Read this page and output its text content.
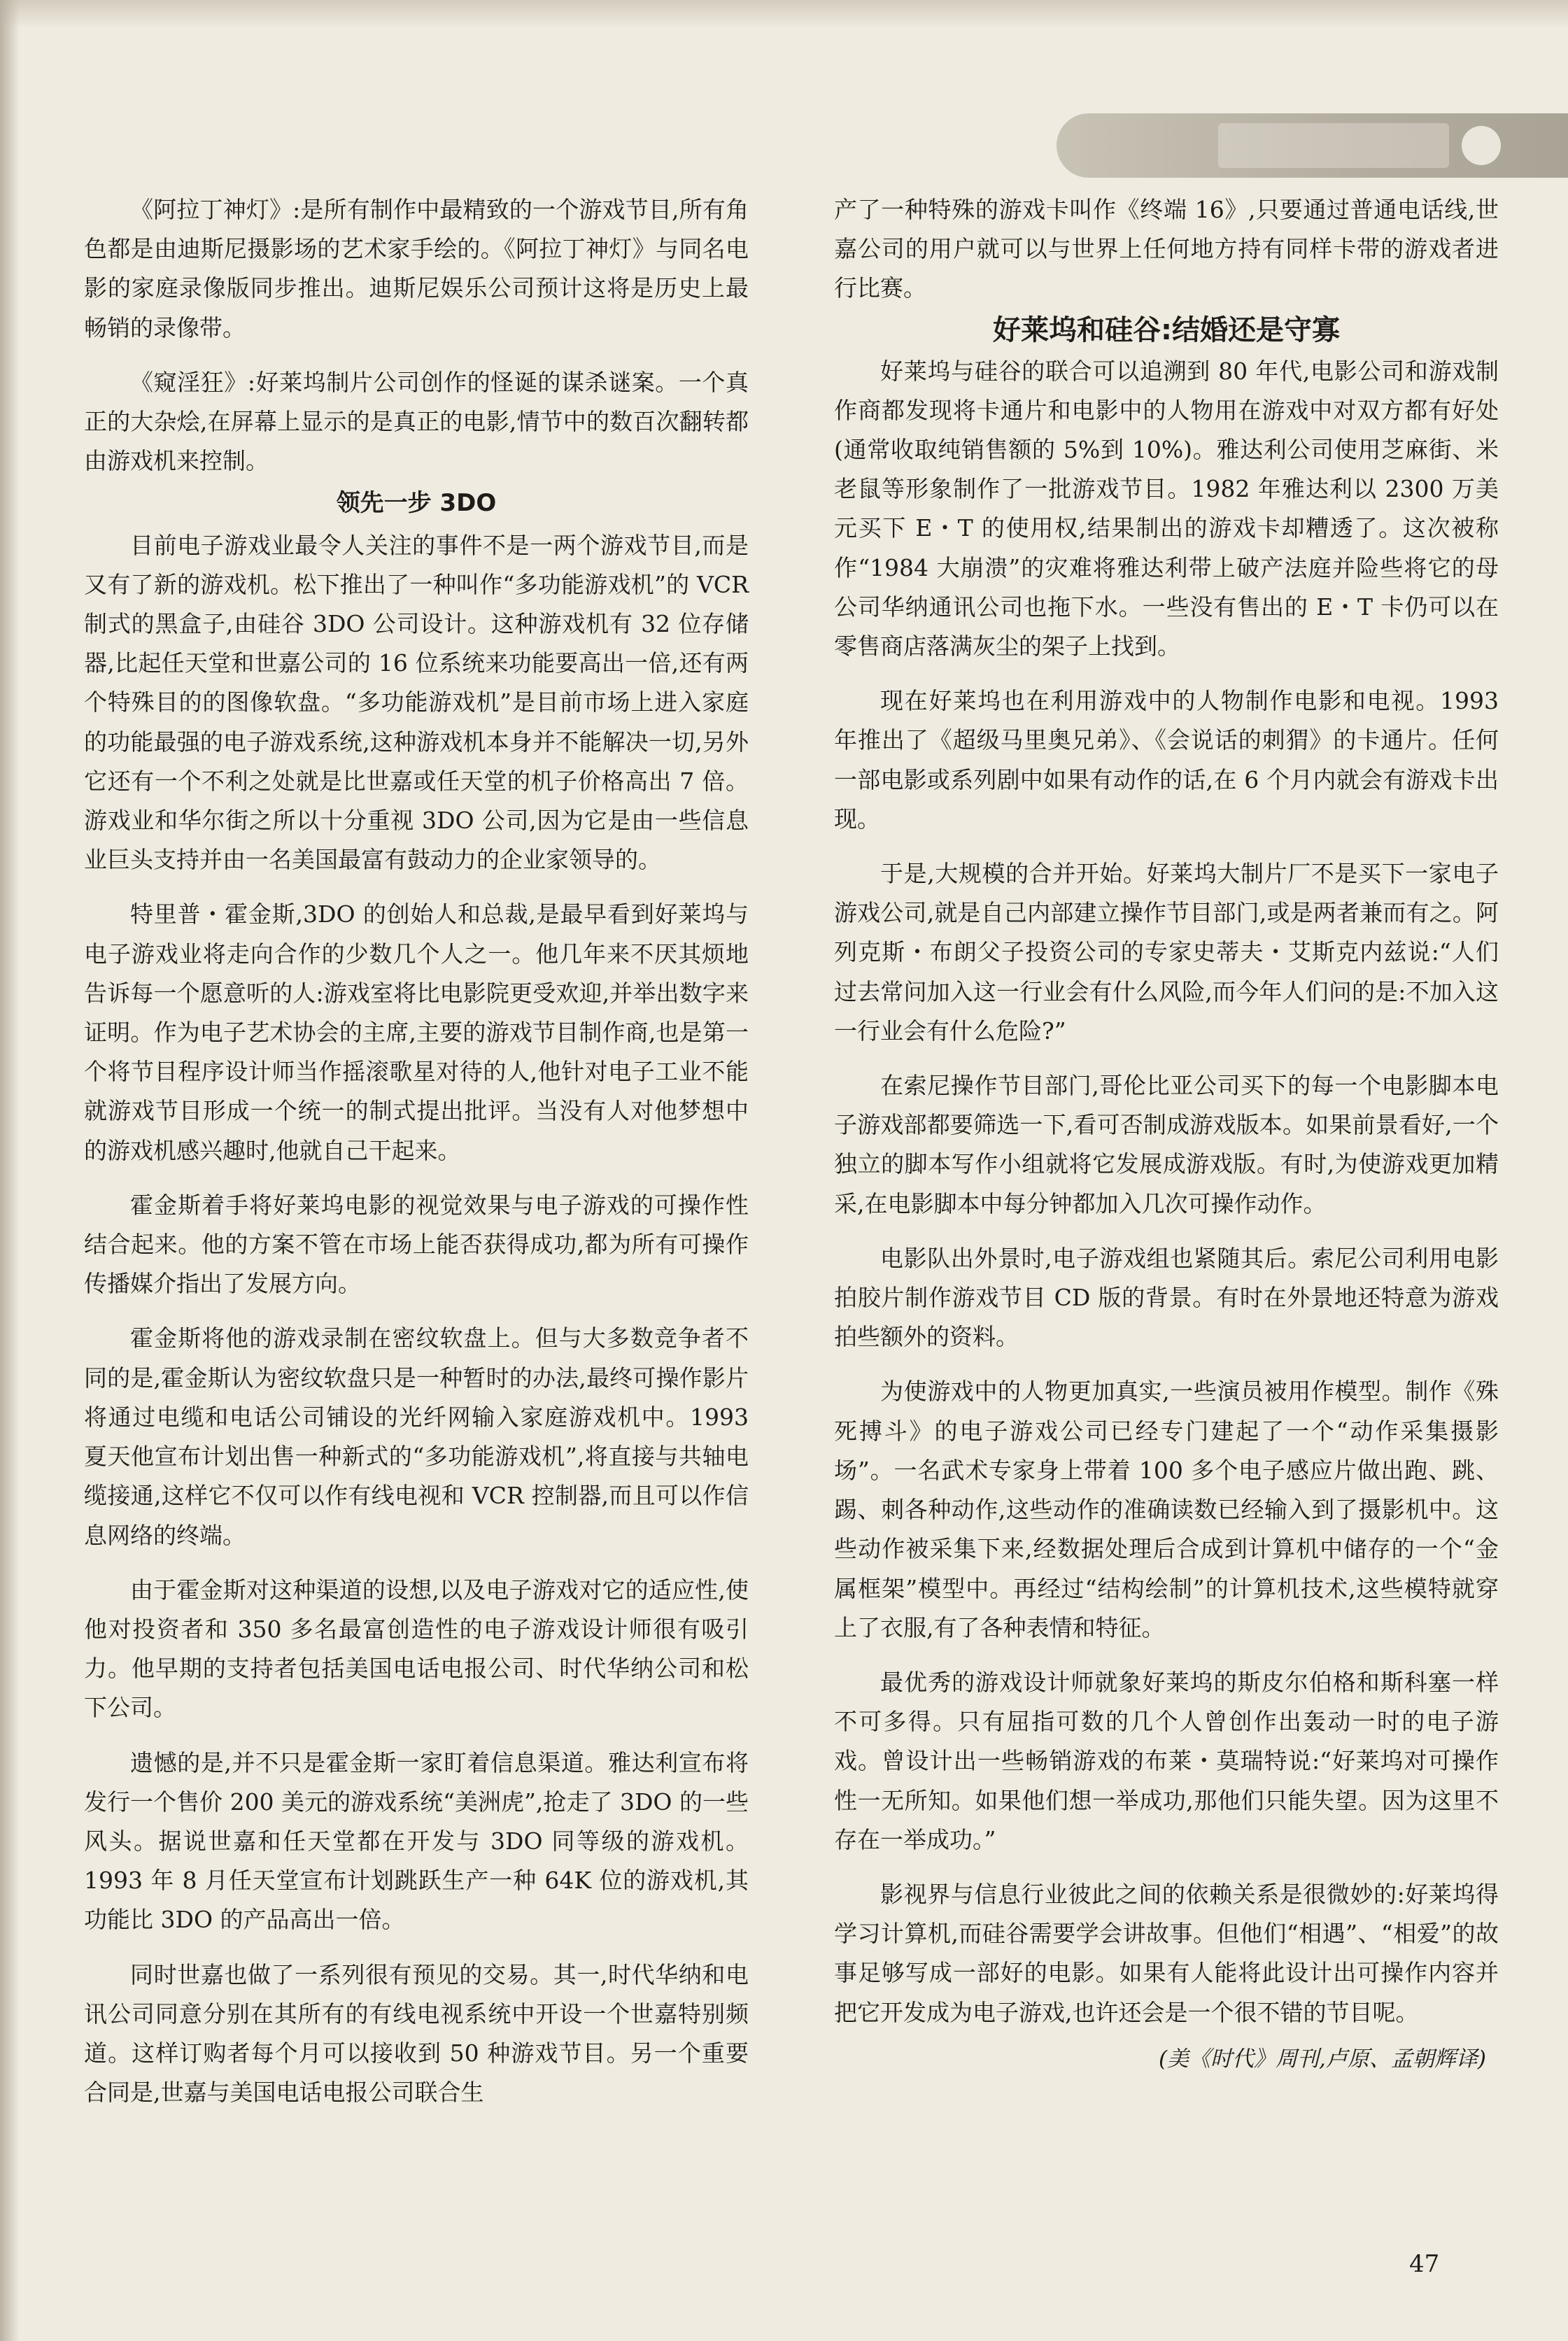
《阿拉丁神灯》:是所有制作中最精致的一个游戏节目,所有角色都是由迪斯尼摄影场的艺术家手绘的。《阿拉丁神灯》与同名电影的家庭录像版同步推出。迪斯尼娱乐公司预计这将是历史上最畅销的录像带。

《窥淫狂》:好莱坞制片公司创作的怪诞的谋杀谜案。一个真正的大杂烩,在屏幕上显示的是真正的电影,情节中的数百次翻转都由游戏机来控制。

领先一步 3DO

目前电子游戏业最令人关注的事件不是一两个游戏节目,而是又有了新的游戏机。松下推出了一种叫作“多功能游戏机”的 VCR 制式的黑盒子,由硅谷 3DO 公司设计。这种游戏机有 32 位存储器,比起任天堂和世嘉公司的 16 位系统来功能要高出一倍,还有两个特殊目的的图像软盘。“多功能游戏机”是目前市场上进入家庭的功能最强的电子游戏系统,这种游戏机本身并不能解决一切,另外它还有一个不利之处就是比世嘉或任天堂的机子价格高出 7 倍。游戏业和华尔街之所以十分重视 3DO 公司,因为它是由一些信息业巨头支持并由一名美国最富有鼓动力的企业家领导的。

特里普・霍金斯,3DO 的创始人和总裁,是最早看到好莱坞与电子游戏业将走向合作的少数几个人之一。他几年来不厌其烦地告诉每一个愿意听的人:游戏室将比电影院更受欢迎,并举出数字来证明。作为电子艺术协会的主席,主要的游戏节目制作商,也是第一个将节目程序设计师当作摇滚歌星对待的人,他针对电子工业不能就游戏节目形成一个统一的制式提出批评。当没有人对他梦想中的游戏机感兴趣时,他就自己干起来。

霍金斯着手将好莱坞电影的视觉效果与电子游戏的可操作性结合起来。他的方案不管在市场上能否获得成功,都为所有可操作传播媒介指出了发展方向。

霍金斯将他的游戏录制在密纹软盘上。但与大多数竞争者不同的是,霍金斯认为密纹软盘只是一种暂时的办法,最终可操作影片将通过电缆和电话公司铺设的光纤网输入家庭游戏机中。1993 夏天他宣布计划出售一种新式的“多功能游戏机”,将直接与共轴电缆接通,这样它不仅可以作有线电视和 VCR 控制器,而且可以作信息网络的终端。

由于霍金斯对这种渠道的设想,以及电子游戏对它的适应性,使他对投资者和 350 多名最富创造性的电子游戏设计师很有吸引力。他早期的支持者包括美国电话电报公司、时代华纳公司和松下公司。

遗憾的是,并不只是霍金斯一家盯着信息渠道。雅达利宣布将发行一个售价 200 美元的游戏系统“美洲虎”,抢走了 3DO 的一些风头。据说世嘉和任天堂都在开发与 3DO 同等级的游戏机。1993 年 8 月任天堂宣布计划跳跃生产一种 64K 位的游戏机,其功能比 3DO 的产品高出一倍。

同时世嘉也做了一系列很有预见的交易。其一,时代华纳和电讯公司同意分别在其所有的有线电视系统中开设一个世嘉特别频道。这样订购者每个月可以接收到 50 种游戏节目。另一个重要合同是,世嘉与美国电话电报公司联合生

产了一种特殊的游戏卡叫作《终端 16》,只要通过普通电话线,世嘉公司的用户就可以与世界上任何地方持有同样卡带的游戏者进行比赛。

好莱坞和硅谷:结婚还是守寡

好莱坞与硅谷的联合可以追溯到 80 年代,电影公司和游戏制作商都发现将卡通片和电影中的人物用在游戏中对双方都有好处(通常收取纯销售额的 5%到 10%)。雅达利公司使用芝麻街、米老鼠等形象制作了一批游戏节目。1982 年雅达利以 2300 万美元买下 E・T 的使用权,结果制出的游戏卡却糟透了。这次被称作“1984 大崩溃”的灾难将雅达利带上破产法庭并险些将它的母公司华纳通讯公司也拖下水。一些没有售出的 E・T 卡仍可以在零售商店落满灰尘的架子上找到。

现在好莱坞也在利用游戏中的人物制作电影和电视。1993 年推出了《超级马里奥兄弟》、《会说话的刺猬》的卡通片。任何一部电影或系列剧中如果有动作的话,在 6 个月内就会有游戏卡出现。

于是,大规模的合并开始。好莱坞大制片厂不是买下一家电子游戏公司,就是自己内部建立操作节目部门,或是两者兼而有之。阿列克斯・布朗父子投资公司的专家史蒂夫・艾斯克内兹说:“人们过去常问加入这一行业会有什么风险,而今年人们问的是:不加入这一行业会有什么危险?”

在索尼操作节目部门,哥伦比亚公司买下的每一个电影脚本电子游戏部都要筛选一下,看可否制成游戏版本。如果前景看好,一个独立的脚本写作小组就将它发展成游戏版。有时,为使游戏更加精采,在电影脚本中每分钟都加入几次可操作动作。

电影队出外景时,电子游戏组也紧随其后。索尼公司利用电影拍胶片制作游戏节目 CD 版的背景。有时在外景地还特意为游戏拍些额外的资料。

为使游戏中的人物更加真实,一些演员被用作模型。制作《殊死搏斗》的电子游戏公司已经专门建起了一个“动作采集摄影场”。一名武术专家身上带着 100 多个电子感应片做出跑、跳、踢、刺各种动作,这些动作的准确读数已经输入到了摄影机中。这些动作被采集下来,经数据处理后合成到计算机中储存的一个“金属框架”模型中。再经过“结构绘制”的计算机技术,这些模特就穿上了衣服,有了各种表情和特征。

最优秀的游戏设计师就象好莱坞的斯皮尔伯格和斯科塞一样不可多得。只有屈指可数的几个人曾创作出轰动一时的电子游戏。曾设计出一些畅销游戏的布莱・莫瑞特说:“好莱坞对可操作性一无所知。如果他们想一举成功,那他们只能失望。因为这里不存在一举成功。”

影视界与信息行业彼此之间的依赖关系是很微妙的:好莱坞得学习计算机,而硅谷需要学会讲故事。但他们“相遇”、“相爱”的故事足够写成一部好的电影。如果有人能将此设计出可操作内容并把它开发成为电子游戏,也许还会是一个很不错的节目呢。

(美《时代》周刊,卢原、孟朝辉译)
47
